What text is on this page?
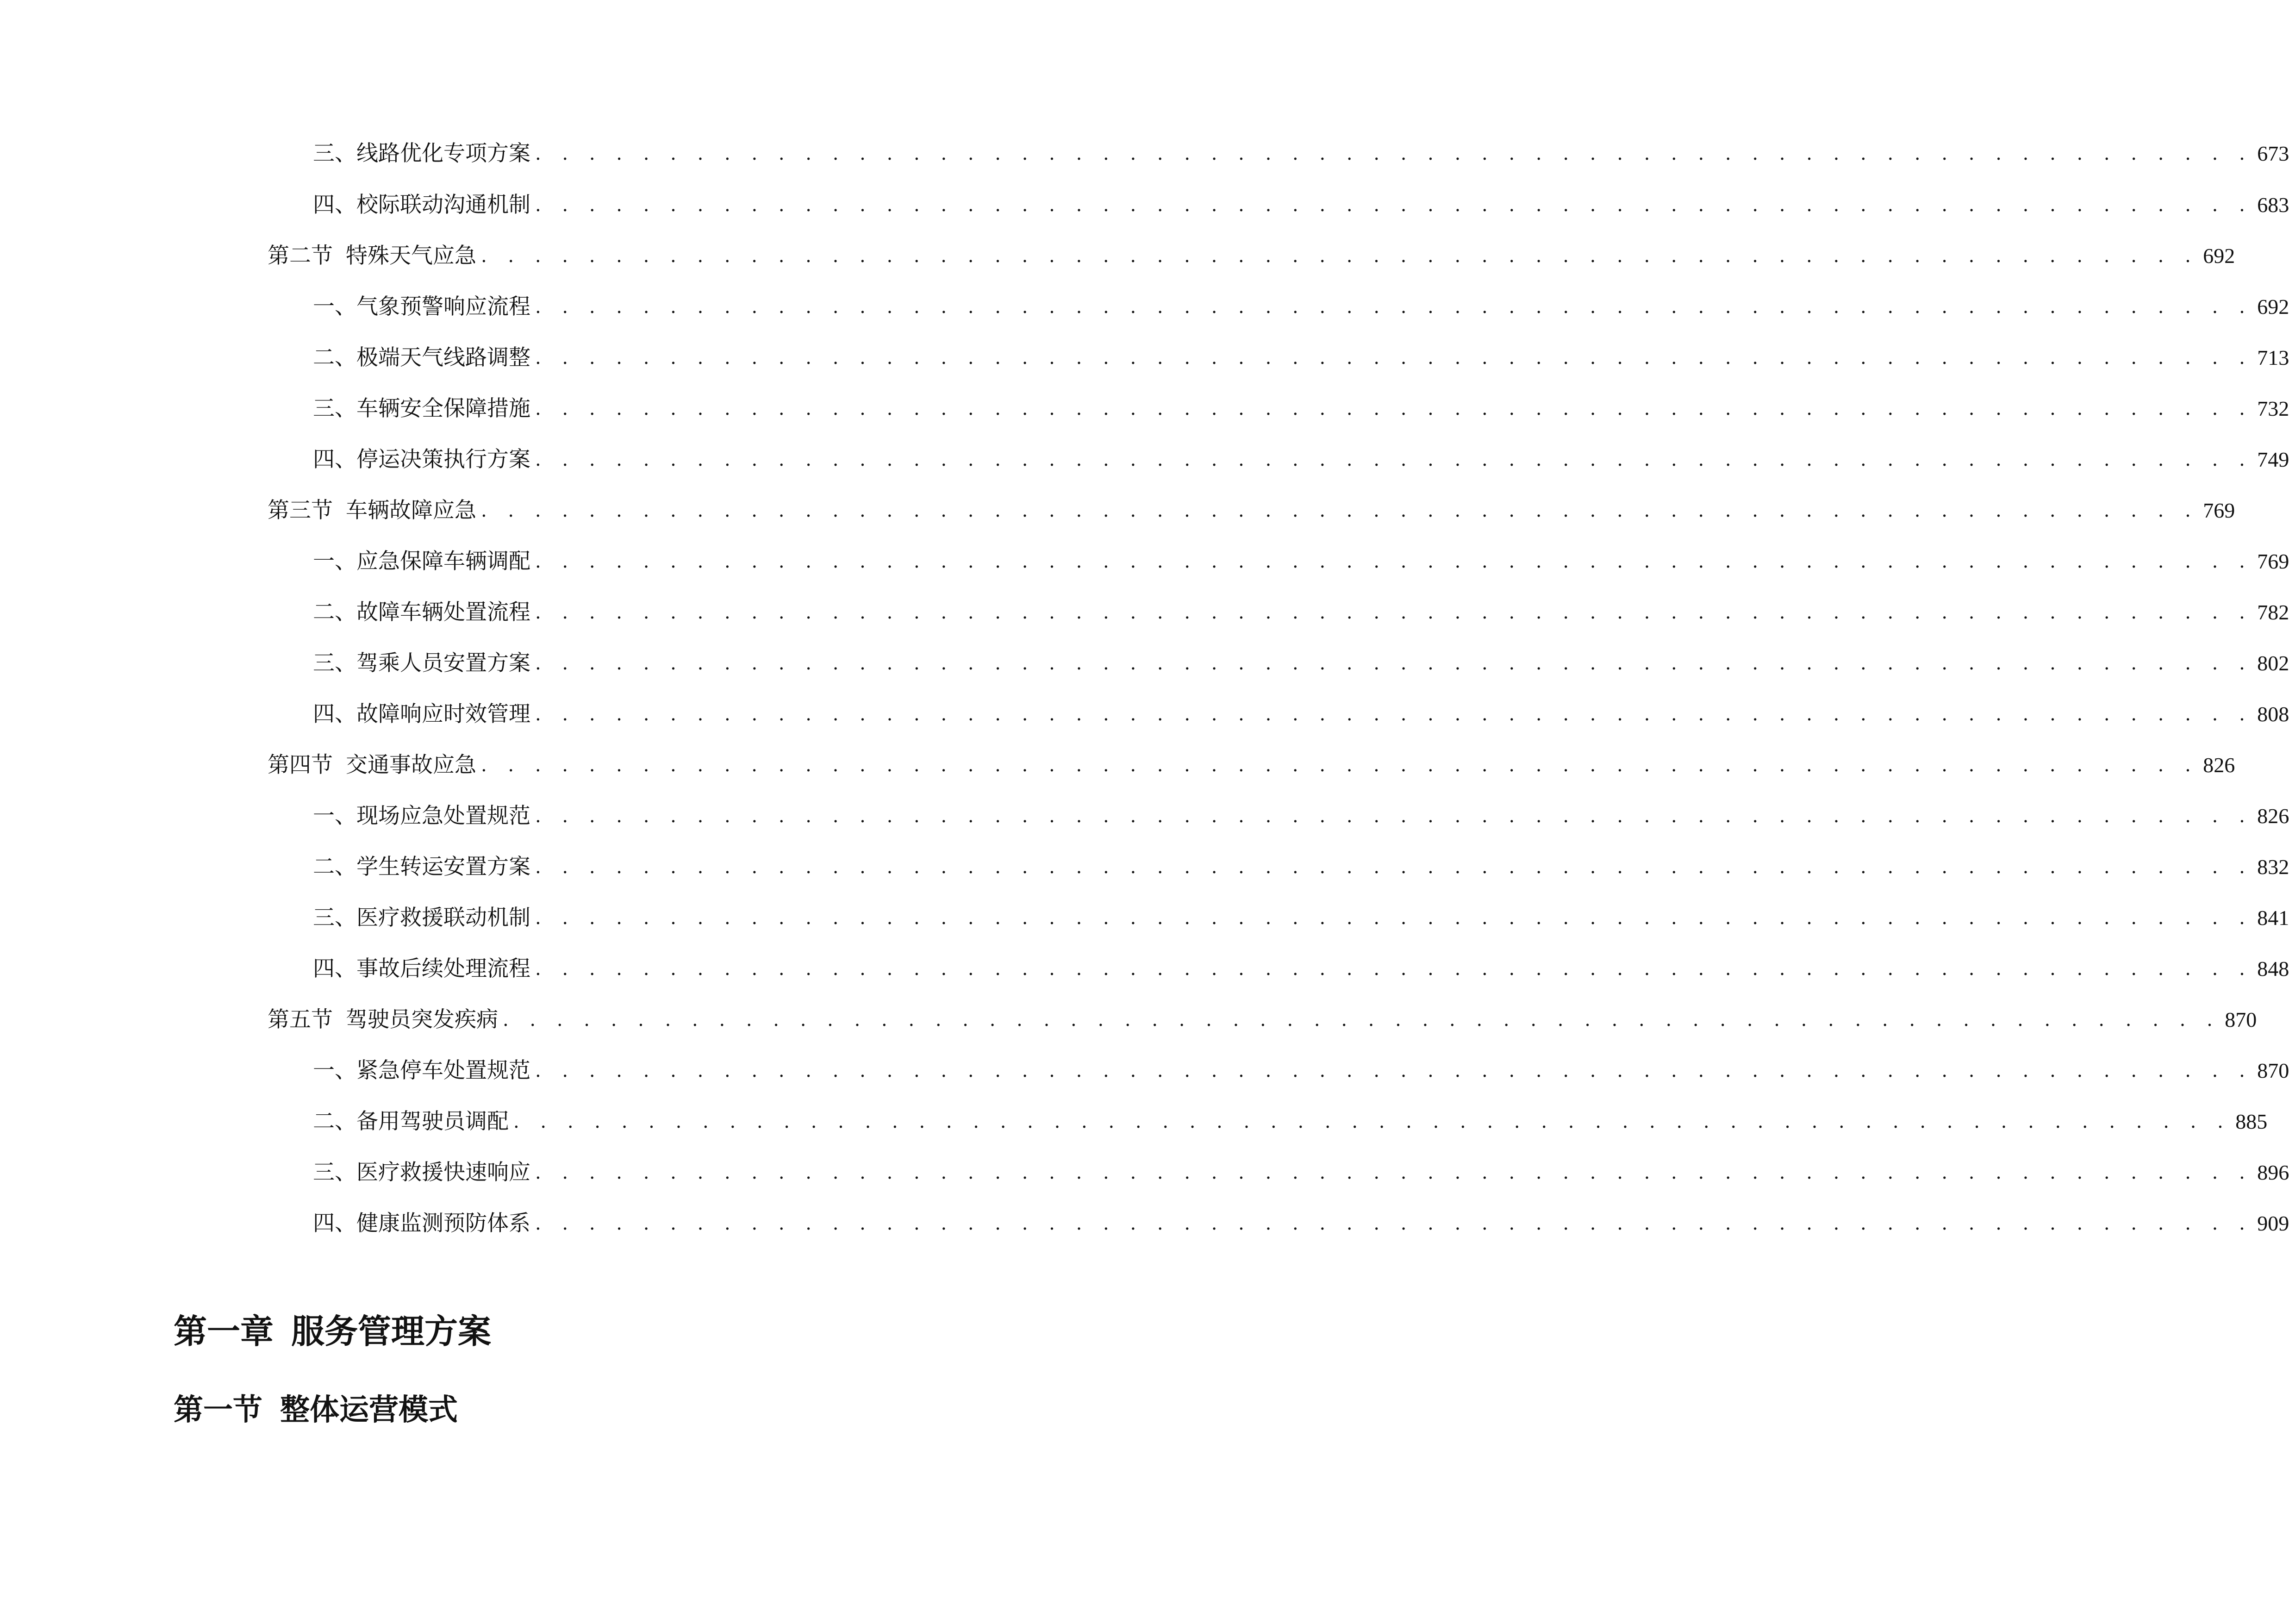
三、 线路优化专项方案 . . . . . . . . . . . . . . . . . . . . . . . . . . . . . . . . . . . . . . . . . . . . . . . . . . . . . . . . . . . . . . . . 673
四、 校际联动沟通机制 . . . . . . . . . . . . . . . . . . . . . . . . . . . . . . . . . . . . . . . . . . . . . . . . . . . . . . . . . . . . . . . . 683
第二节 特殊天气应急 . . . . . . . . . . . . . . . . . . . . . . . . . . . . . . . . . . . . . . . . . . . . . . . . . . . . . . . . . . . . . . . . 692
一、 气象预警响应流程 . . . . . . . . . . . . . . . . . . . . . . . . . . . . . . . . . . . . . . . . . . . . . . . . . . . . . . . . . . . . . . . . 692
二、 极端天气线路调整 . . . . . . . . . . . . . . . . . . . . . . . . . . . . . . . . . . . . . . . . . . . . . . . . . . . . . . . . . . . . . . . . 713
三、 车辆安全保障措施 . . . . . . . . . . . . . . . . . . . . . . . . . . . . . . . . . . . . . . . . . . . . . . . . . . . . . . . . . . . . . . . . 732
四、 停运决策执行方案 . . . . . . . . . . . . . . . . . . . . . . . . . . . . . . . . . . . . . . . . . . . . . . . . . . . . . . . . . . . . . . . . 749
第三节 车辆故障应急 . . . . . . . . . . . . . . . . . . . . . . . . . . . . . . . . . . . . . . . . . . . . . . . . . . . . . . . . . . . . . . . . 769
一、 应急保障车辆调配 . . . . . . . . . . . . . . . . . . . . . . . . . . . . . . . . . . . . . . . . . . . . . . . . . . . . . . . . . . . . . . . . 769
二、 故障车辆处置流程 . . . . . . . . . . . . . . . . . . . . . . . . . . . . . . . . . . . . . . . . . . . . . . . . . . . . . . . . . . . . . . . . 782
三、 驾乘人员安置方案 . . . . . . . . . . . . . . . . . . . . . . . . . . . . . . . . . . . . . . . . . . . . . . . . . . . . . . . . . . . . . . . . 802
四、 故障响应时效管理 . . . . . . . . . . . . . . . . . . . . . . . . . . . . . . . . . . . . . . . . . . . . . . . . . . . . . . . . . . . . . . . . 808
第四节 交通事故应急 . . . . . . . . . . . . . . . . . . . . . . . . . . . . . . . . . . . . . . . . . . . . . . . . . . . . . . . . . . . . . . . . 826
一、 现场应急处置规范 . . . . . . . . . . . . . . . . . . . . . . . . . . . . . . . . . . . . . . . . . . . . . . . . . . . . . . . . . . . . . . . . 826
二、 学生转运安置方案 . . . . . . . . . . . . . . . . . . . . . . . . . . . . . . . . . . . . . . . . . . . . . . . . . . . . . . . . . . . . . . . . 832
三、 医疗救援联动机制 . . . . . . . . . . . . . . . . . . . . . . . . . . . . . . . . . . . . . . . . . . . . . . . . . . . . . . . . . . . . . . . . 841
四、 事故后续处理流程 . . . . . . . . . . . . . . . . . . . . . . . . . . . . . . . . . . . . . . . . . . . . . . . . . . . . . . . . . . . . . . . . 848
第五节 驾驶员突发疾病 . . . . . . . . . . . . . . . . . . . . . . . . . . . . . . . . . . . . . . . . . . . . . . . . . . . . . . . . . . . . . . . . 870
一、 紧急停车处置规范 . . . . . . . . . . . . . . . . . . . . . . . . . . . . . . . . . . . . . . . . . . . . . . . . . . . . . . . . . . . . . . . . 870
二、 备用驾驶员调配 . . . . . . . . . . . . . . . . . . . . . . . . . . . . . . . . . . . . . . . . . . . . . . . . . . . . . . . . . . . . . . . . 885
三、 医疗救援快速响应 . . . . . . . . . . . . . . . . . . . . . . . . . . . . . . . . . . . . . . . . . . . . . . . . . . . . . . . . . . . . . . . . 896
四、 健康监测预防体系 . . . . . . . . . . . . . . . . . . . . . . . . . . . . . . . . . . . . . . . . . . . . . . . . . . . . . . . . . . . . . . . . 909
第一章 服务管理方案
第一节 整体运营模式
